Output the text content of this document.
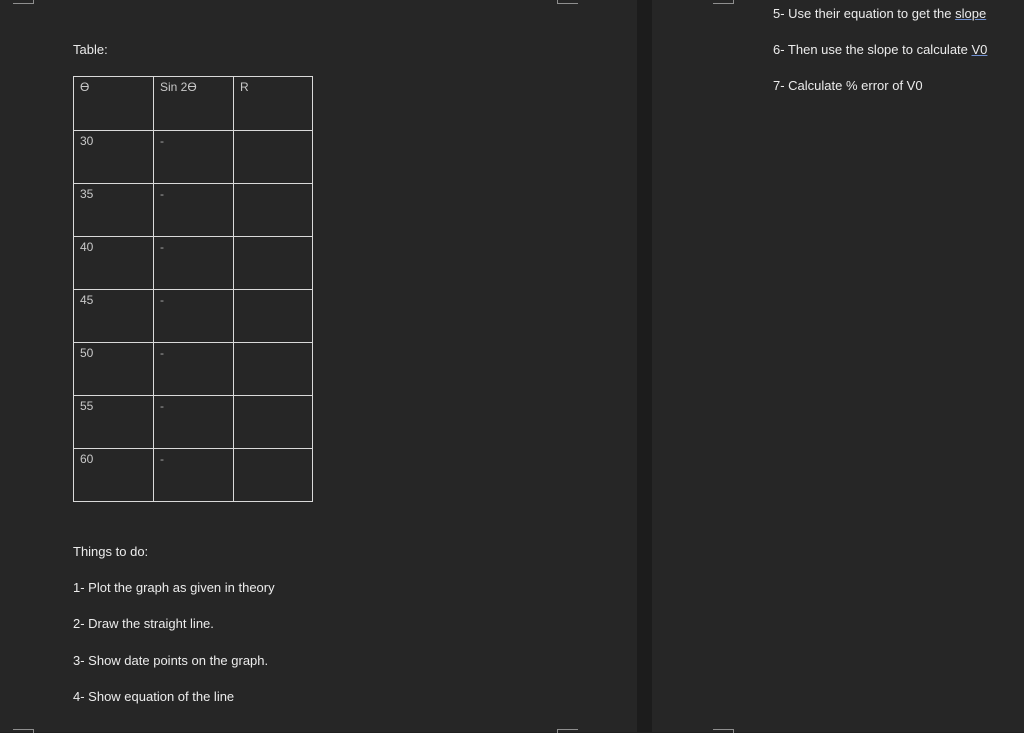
Table:
ϴ	Sin 2ϴ	R

30	-	

35	-	

40	-	

45	-	

50	-	

55	-	

60	-	

Things to do:
1- Plot the graph as given in theory
2- Draw the straight line.
3- Show date points on the graph.
4- Show equation of the line
5- Use their equation to get the slope
6- Then use the slope to calculate V0
7- Calculate % error of V0
